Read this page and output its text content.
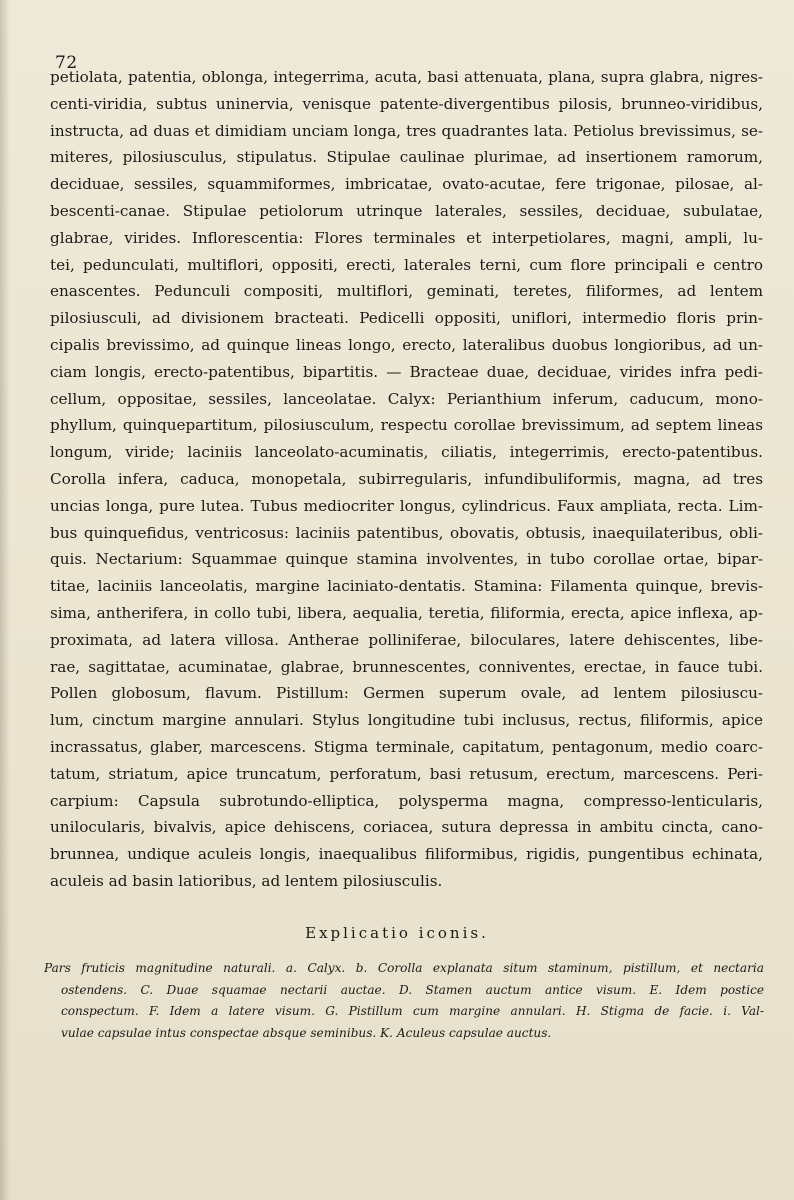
72
petiolata, patentia, oblonga, integerrima, acuta, basi attenuata, plana, supra glabra, nigres-
centi-viridia, subtus uninervia, venisque patente-divergentibus pilosis, brunneo-viridibus,
instructa, ad duas et dimidiam unciam longa, tres quadrantes lata. Petiolus brevissimus, se-
miteres, pilosiusculus, stipulatus. Stipulae caulinae plurimae, ad insertionem ramorum,
deciduae, sessiles, squammiformes, imbricatae, ovato-acutae, fere trigonae, pilosae, al-
bescenti-canae. Stipulae petiolorum utrinque laterales, sessiles, deciduae, subulatae,
glabrae, virides. Inflorescentia: Flores terminales et interpetiolares, magni, ampli, lu-
tei, pedunculati, multiflori, oppositi, erecti, laterales terni, cum flore principali e centro
enascentes. Pedunculi compositi, multiflori, geminati, teretes, filiformes, ad lentem
pilosiusculi, ad divisionem bracteati. Pedicelli oppositi, uniflori, intermedio floris prin-
cipalis brevissimo, ad quinque lineas longo, erecto, lateralibus duobus longioribus, ad un-
ciam longis, erecto-patentibus, bipartitis. — Bracteae duae, deciduae, virides infra pedi-
cellum, oppositae, sessiles, lanceolatae. Calyx: Perianthium inferum, caducum, mono-
phyllum, quinquepartitum, pilosiusculum, respectu corollae brevissimum, ad septem lineas
longum, viride; laciniis lanceolato-acuminatis, ciliatis, integerrimis, erecto-patentibus.
Corolla infera, caduca, monopetala, subirregularis, infundibuliformis, magna, ad tres
uncias longa, pure lutea. Tubus mediocriter longus, cylindricus. Faux ampliata, recta. Lim-
bus quinquefidus, ventricosus: laciniis patentibus, obovatis, obtusis, inaequilateribus, obli-
quis. Nectarium: Squammae quinque stamina involventes, in tubo corollae ortae, bipar-
titae, laciniis lanceolatis, margine laciniato-dentatis. Stamina: Filamenta quinque, brevis-
sima, antherifera, in collo tubi, libera, aequalia, teretia, filiformia, erecta, apice inflexa, ap-
proximata, ad latera villosa. Antherae polliniferae, biloculares, latere dehiscentes, libe-
rae, sagittatae, acuminatae, glabrae, brunnescentes, conniventes, erectae, in fauce tubi.
Pollen globosum, flavum. Pistillum: Germen superum ovale, ad lentem pilosiuscu-
lum, cinctum margine annulari. Stylus longitudine tubi inclusus, rectus, filiformis, apice
incrassatus, glaber, marcescens. Stigma terminale, capitatum, pentagonum, medio coarc-
tatum, striatum, apice truncatum, perforatum, basi retusum, erectum, marcescens. Peri-
carpium: Capsula subrotundo-elliptica, polysperma magna, compresso-lenticularis,
unilocularis, bivalvis, apice dehiscens, coriacea, sutura depressa in ambitu cincta, cano-
brunnea, undique aculeis longis, inaequalibus filiformibus, rigidis, pungentibus echinata,
aculeis ad basin latioribus, ad lentem pilosiusculis.
Explicatio iconis.
Pars fruticis magnitudine naturali. a. Calyx. b. Corolla explanata situm staminum, pistillum, et nectaria
ostendens. C. Duae squamae nectarii auctae. D. Stamen auctum antice visum. E. Idem postice
conspectum. F. Idem a latere visum. G. Pistillum cum margine annulari. H. Stigma de facie. i. Val-
vulae capsulae intus conspectae absque seminibus. K. Aculeus capsulae auctus.
